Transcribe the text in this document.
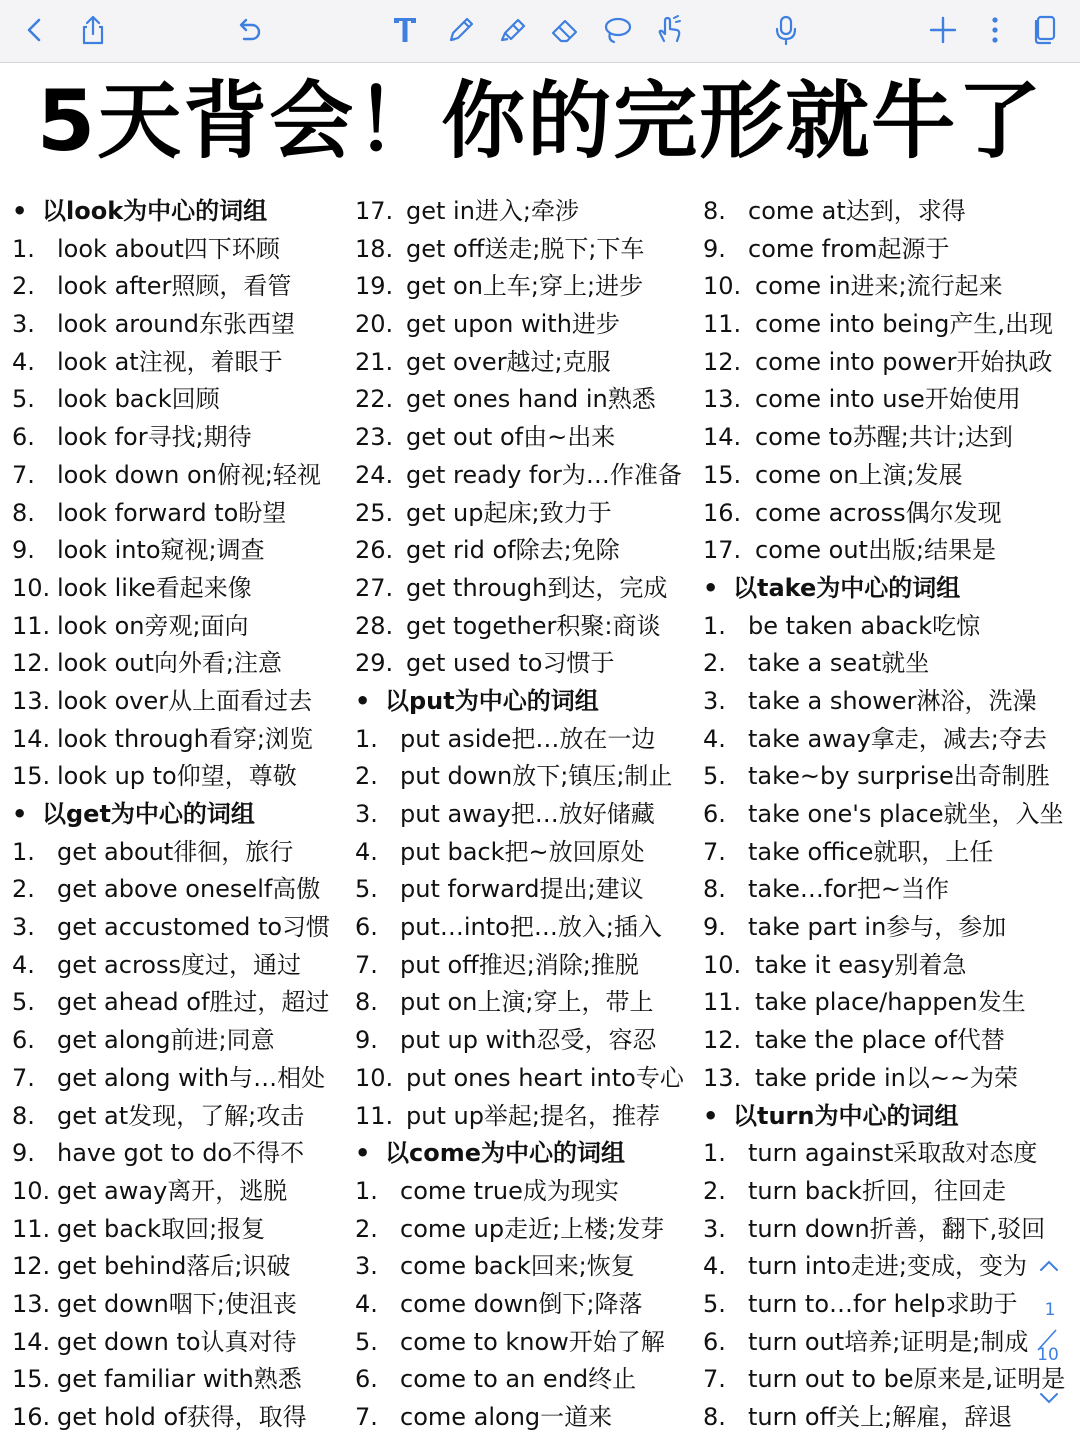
5天背会！你的完形就牛了
• 以look为中心的词组
1. look about四下环顾
2. look after照顾，看管
3. look around东张西望
4. look at注视，着眼于
5. look back回顾
6. look for寻找;期待
7. look down on俯视;轻视
8. look forward to盼望
9. look into窥视;调查
10. look like看起来像
11. look on旁观;面向
12. look out向外看;注意
13. look over从上面看过去
14. look through看穿;浏览
15. look up to仰望，尊敬
• 以get为中心的词组
1. get about徘徊，旅行
2. get above oneself高傲
3. get accustomed to习惯
4. get across度过，通过
5. get ahead of胜过，超过
6. get along前进;同意
7. get along with与…相处
8. get at发现，了解;攻击
9. have got to do不得不
10. get away离开，逃脱
11. get back取回;报复
12. get behind落后;识破
13. get down咽下;使沮丧
14. get down to认真对待
15. get familiar with熟悉
16. get hold of获得，取得
17. get in进入;牵涉
18. get off送走;脱下;下车
19. get on上车;穿上;进步
20. get upon with进步
21. get over越过;克服
22. get ones hand in熟悉
23. get out of由~出来
24. get ready for为…作准备
25. get up起床;致力于
26. get rid of除去;免除
27. get through到达，完成
28. get together积聚:商谈
29. get used to习惯于
• 以put为中心的词组
1. put aside把…放在一边
2. put down放下;镇压;制止
3. put away把…放好储藏
4. put back把~放回原处
5. put forward提出;建议
6. put…into把…放入;插入
7. put off推迟;消除;推脱
8. put on上演;穿上，带上
9. put up with忍受，容忍
10. put ones heart into专心
11. put up举起;提名，推荐
• 以come为中心的词组
1. come true成为现实
2. come up走近;上楼;发芽
3. come back回来;恢复
4. come down倒下;降落
5. come to know开始了解
6. come to an end终止
7. come along一道来
8. come at达到，求得
9. come from起源于
10. come in进来;流行起来
11. come into being产生,出现
12. come into power开始执政
13. come into use开始使用
14. come to苏醒;共计;达到
15. come on上演;发展
16. come across偶尔发现
17. come out出版;结果是
• 以take为中心的词组
1. be taken aback吃惊
2. take a seat就坐
3. take a shower淋浴，洗澡
4. take away拿走，减去;夺去
5. take~by surprise出奇制胜
6. take one's place就坐，入坐
7. take office就职，上任
8. take…for把~当作
9. take part in参与，参加
10. take it easy别着急
11. take place/happen发生
12. take the place of代替
13. take pride in以~~为荣
• 以turn为中心的词组
1. turn against采取敌对态度
2. turn back折回，往回走
3. turn down折善，翻下,驳回
4. turn into走进;变成，变为
5. turn to…for help求助于
6. turn out培养;证明是;制成
7. turn out to be原来是,证明是
8. turn off关上;解雇，辞退
1
10
